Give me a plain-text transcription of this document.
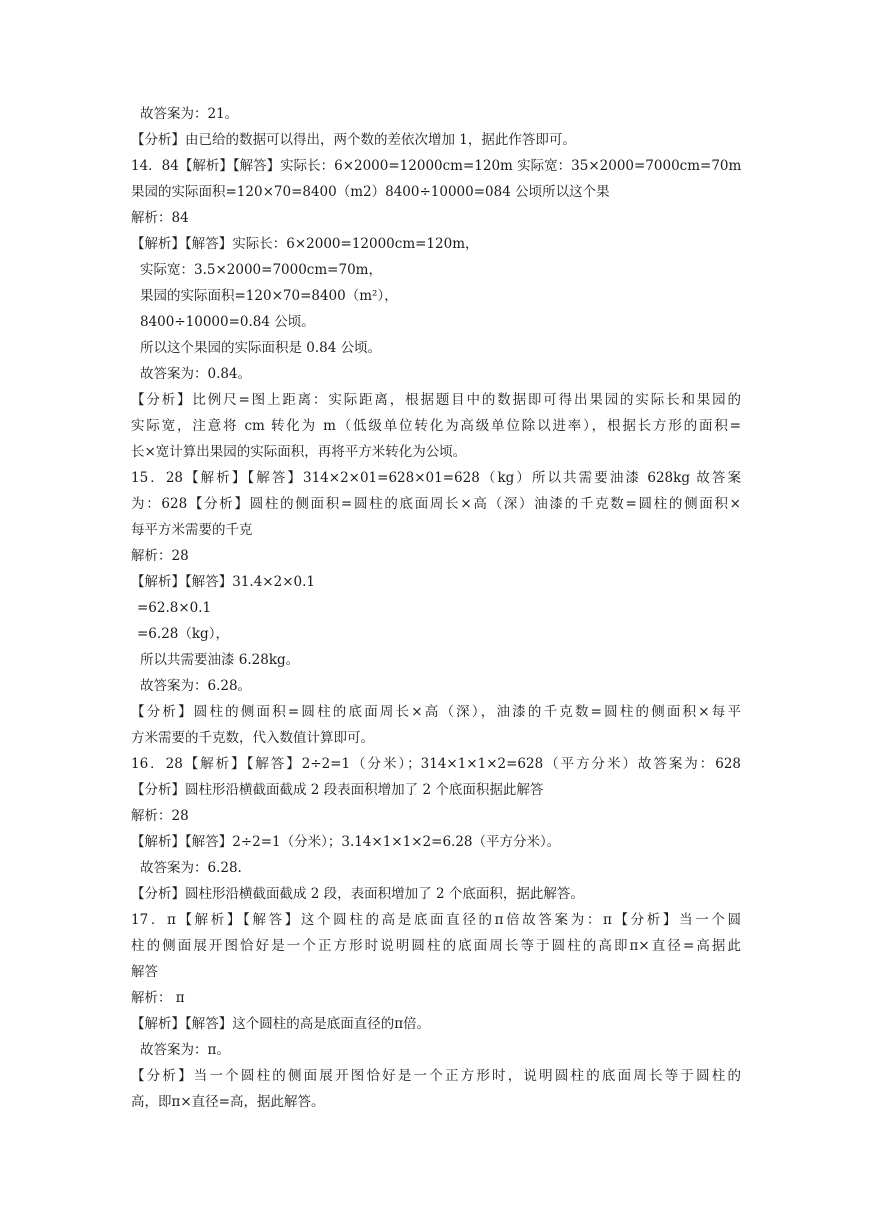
故答案为：21。
【分析】由已给的数据可以得出，两个数的差依次增加 1，据此作答即可。
14．84【解析】【解答】实际长：6×2000=12000cm=120m 实际宽：35×2000=7000cm=70m
果园的实际面积=120×70=8400（m2）8400÷10000=084 公顷所以这个果
解析：84
【解析】【解答】实际长：6×2000=12000cm=120m，
实际宽：3.5×2000=7000cm=70m，
果园的实际面积=120×70=8400（m²），
8400÷10000=0.84 公顷。
所以这个果园的实际面积是 0.84 公顷。
故答案为：0.84。
【分析】比例尺=图上距离：实际距离，根据题目中的数据即可得出果园的实际长和果园的
实际宽，注意将 cm 转化为 m（低级单位转化为高级单位除以进率），根据长方形的面积=
长×宽计算出果园的实际面积，再将平方米转化为公顷。
15．28【解析】【解答】314×2×01=628×01=628（kg）所以共需要油漆 628kg 故答案
为：628【分析】圆柱的侧面积=圆柱的底面周长×高（深）油漆的千克数=圆柱的侧面积×
每平方米需要的千克
解析：28
【解析】【解答】31.4×2×0.1
=62.8×0.1
=6.28（kg），
所以共需要油漆 6.28kg。
故答案为：6.28。
【分析】圆柱的侧面积=圆柱的底面周长×高（深），油漆的千克数=圆柱的侧面积×每平
方米需要的千克数，代入数值计算即可。
16．28【解析】【解答】2÷2=1（分米）；314×1×1×2=628（平方分米）故答案为：628
【分析】圆柱形沿横截面截成 2 段表面积增加了 2 个底面积据此解答
解析：28
【解析】【解答】2÷2=1（分米）；3.14×1×1×2=6.28（平方分米）。
故答案为：6.28.
【分析】圆柱形沿横截面截成 2 段，表面积增加了 2 个底面积，据此解答。
17．π【解析】【解答】这个圆柱的高是底面直径的π倍故答案为：π【分析】当一个圆
柱的侧面展开图恰好是一个正方形时说明圆柱的底面周长等于圆柱的高即π×直径=高据此
解答
解析： π
【解析】【解答】这个圆柱的高是底面直径的π倍。
故答案为：π。
【分析】当一个圆柱的侧面展开图恰好是一个正方形时，说明圆柱的底面周长等于圆柱的
高，即π×直径=高，据此解答。
